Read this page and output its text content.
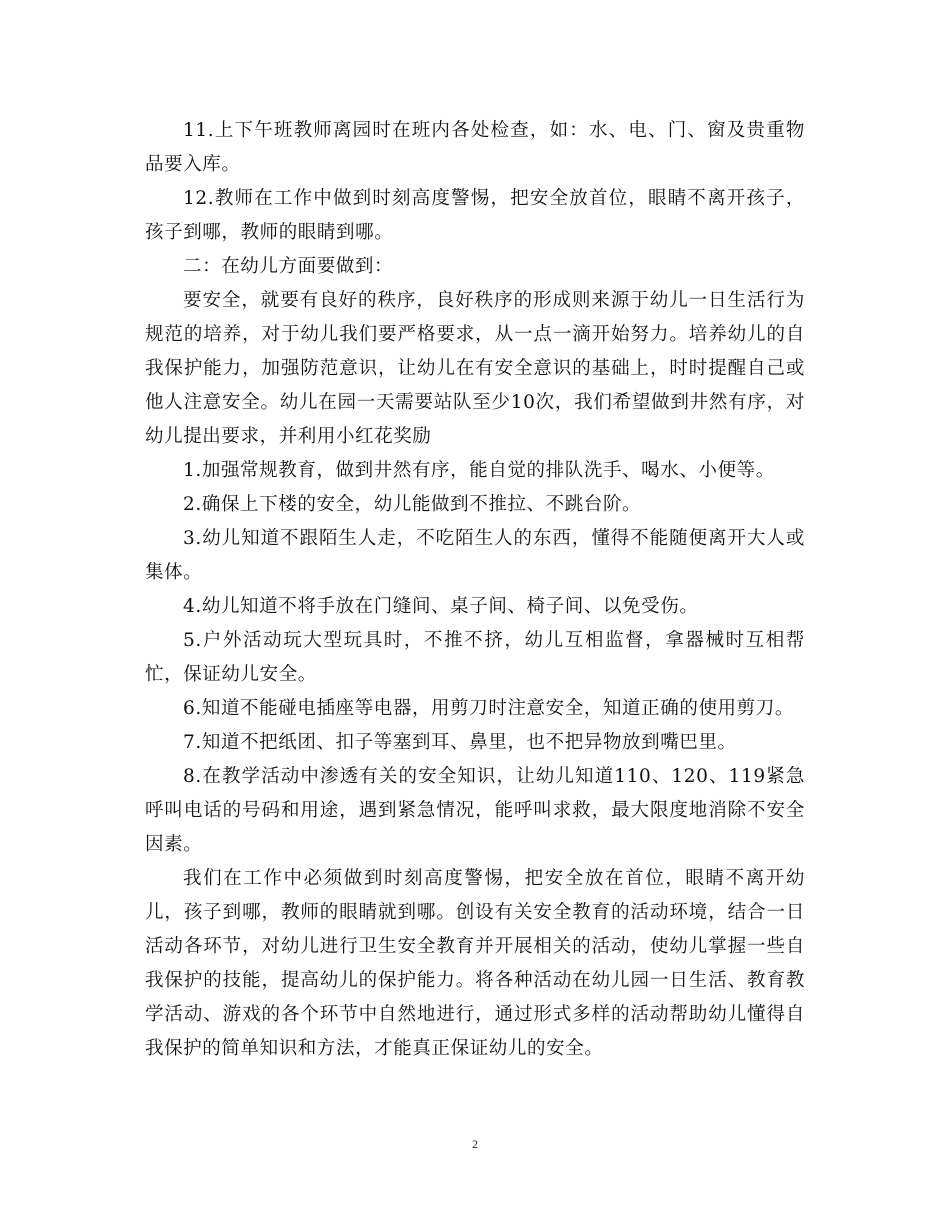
11.上下午班教师离园时在班内各处检查，如：水、电、门、窗及贵重物品要入库。

12.教师在工作中做到时刻高度警惕，把安全放首位，眼睛不离开孩子，孩子到哪，教师的眼睛到哪。

二：在幼儿方面要做到：

要安全，就要有良好的秩序，良好秩序的形成则来源于幼儿一日生活行为规范的培养，对于幼儿我们要严格要求，从一点一滴开始努力。培养幼儿的自我保护能力，加强防范意识，让幼儿在有安全意识的基础上，时时提醒自己或他人注意安全。幼儿在园一天需要站队至少10次，我们希望做到井然有序，对幼儿提出要求，并利用小红花奖励

1.加强常规教育，做到井然有序，能自觉的排队洗手、喝水、小便等。

2.确保上下楼的安全，幼儿能做到不推拉、不跳台阶。

3.幼儿知道不跟陌生人走，不吃陌生人的东西，懂得不能随便离开大人或集体。

4.幼儿知道不将手放在门缝间、桌子间、椅子间、以免受伤。

5.户外活动玩大型玩具时，不推不挤，幼儿互相监督，拿器械时互相帮忙，保证幼儿安全。

6.知道不能碰电插座等电器，用剪刀时注意安全，知道正确的使用剪刀。

7.知道不把纸团、扣子等塞到耳、鼻里，也不把异物放到嘴巴里。

8.在教学活动中渗透有关的安全知识，让幼儿知道110、120、119紧急呼叫电话的号码和用途，遇到紧急情况，能呼叫求救，最大限度地消除不安全因素。

我们在工作中必须做到时刻高度警惕，把安全放在首位，眼睛不离开幼儿，孩子到哪，教师的眼睛就到哪。创设有关安全教育的活动环境，结合一日活动各环节，对幼儿进行卫生安全教育并开展相关的活动，使幼儿掌握一些自我保护的技能，提高幼儿的保护能力。将各种活动在幼儿园一日生活、教育教学活动、游戏的各个环节中自然地进行，通过形式多样的活动帮助幼儿懂得自我保护的简单知识和方法，才能真正保证幼儿的安全。

2
